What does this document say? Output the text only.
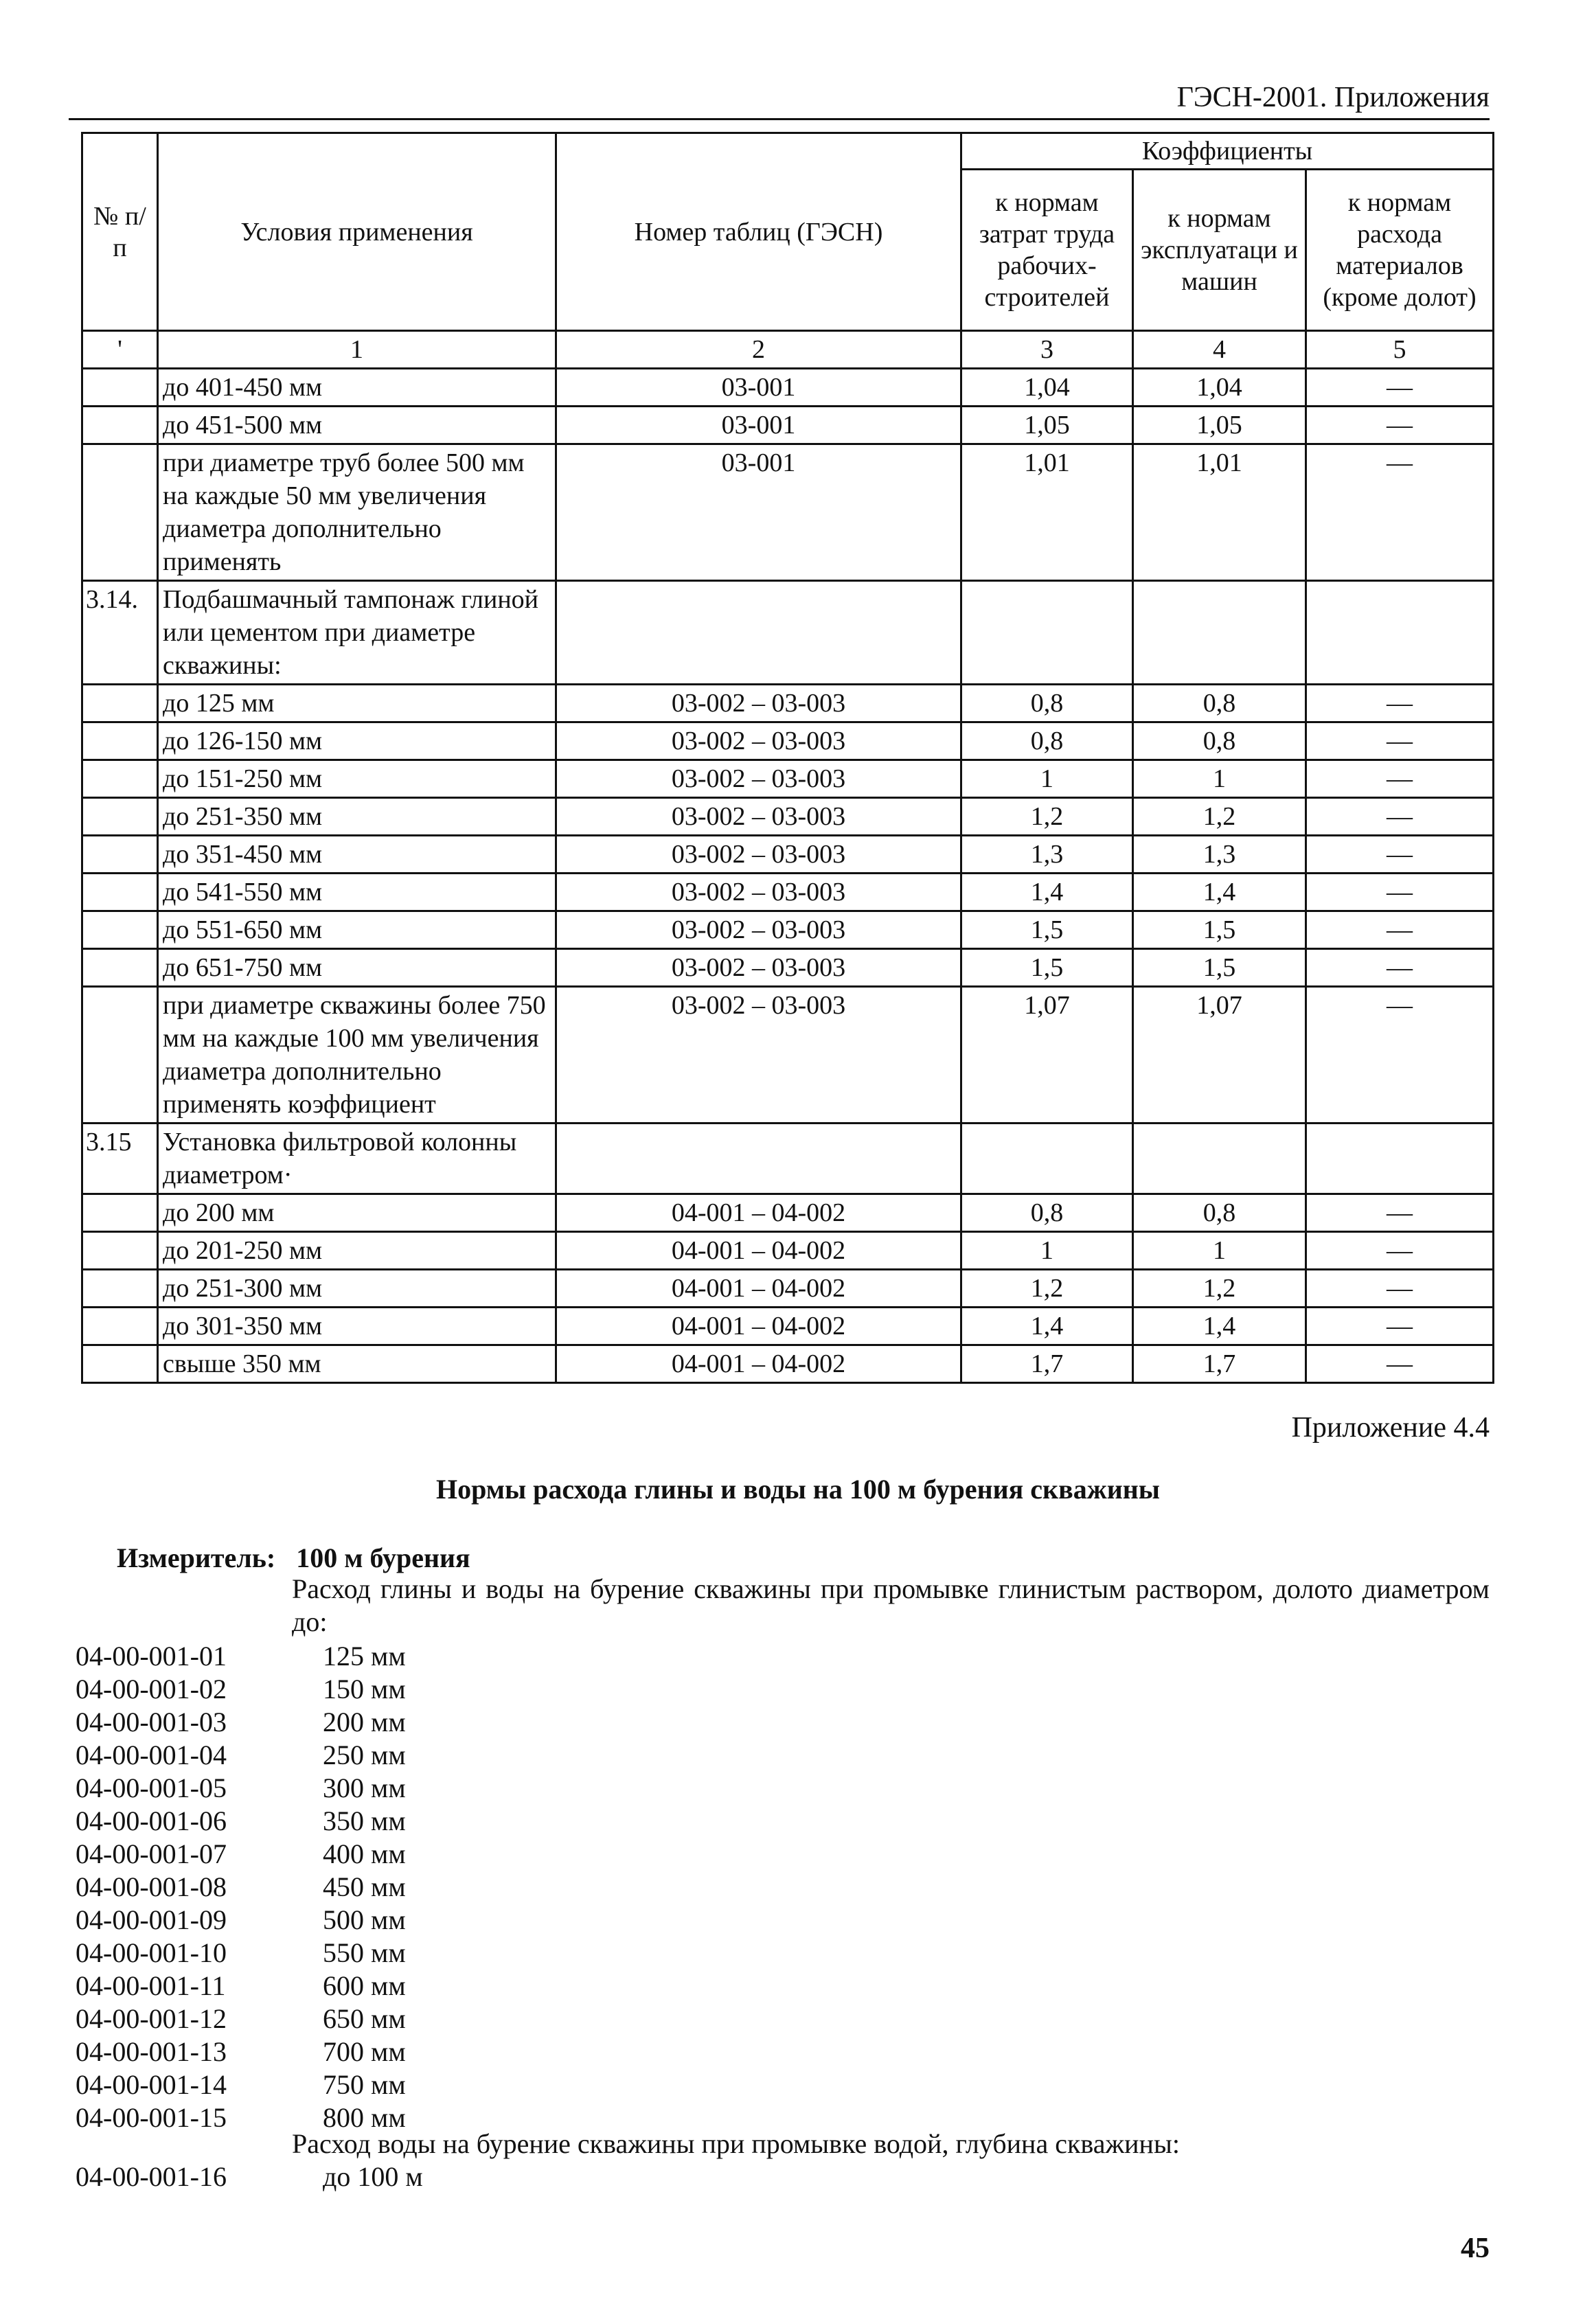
ГЭСН-2001. Приложения
№ п/п	Условия применения	Номер таблиц (ГЭСН)	Коэффициенты		
			к нормам затрат труда рабочих-строителей	к нормам эксплуатаци и машин	к нормам расхода материалов (кроме долот)
'	1	2	3	4	5
	до 401-450 мм	03-001	1,04	1,04	—
	до 451-500 мм	03-001	1,05	1,05	—
	при диаметре труб более 500 мм на каждые 50 мм увеличения диаметра дополнительно применять	03-001	1,01	1,01	—
3.14.	Подбашмачный тампонаж глиной или цементом при диаметре скважины:				
	до 125 мм	03-002 – 03-003	0,8	0,8	—
	до 126-150 мм	03-002 – 03-003	0,8	0,8	—
	до 151-250 мм	03-002 – 03-003	1	1	—
	до 251-350 мм	03-002 – 03-003	1,2	1,2	—
	до 351-450 мм	03-002 – 03-003	1,3	1,3	—
	до 541-550 мм	03-002 – 03-003	1,4	1,4	—
	до 551-650 мм	03-002 – 03-003	1,5	1,5	—
	до 651-750 мм	03-002 – 03-003	1,5	1,5	—
	при диаметре скважины более 750 мм на каждые 100 мм увеличения диаметра дополнительно применять коэффициент	03-002 – 03-003	1,07	1,07	—
3.15	Установка фильтровой колонны диаметром·				
	до 200 мм	04-001 – 04-002	0,8	0,8	—
	до 201-250 мм	04-001 – 04-002	1	1	—
	до 251-300 мм	04-001 – 04-002	1,2	1,2	—
	до 301-350 мм	04-001 – 04-002	1,4	1,4	—
	свыше 350 мм	04-001 – 04-002	1,7	1,7	—
Приложение 4.4
Нормы расхода глины и воды на 100 м бурения скважины
Измеритель: 100 м бурения
Расход глины и воды на бурение скважины при промывке глинистым раствором, долото диаметром до:
04-00-001-01	125 мм
04-00-001-02	150 мм
04-00-001-03	200 мм
04-00-001-04	250 мм
04-00-001-05	300 мм
04-00-001-06	350 мм
04-00-001-07	400 мм
04-00-001-08	450 мм
04-00-001-09	500 мм
04-00-001-10	550 мм
04-00-001-11	600 мм
04-00-001-12	650 мм
04-00-001-13	700 мм
04-00-001-14	750 мм
04-00-001-15	800 мм
Расход воды на бурение скважины при промывке водой, глубина скважины:
04-00-001-16	до 100 м
45
